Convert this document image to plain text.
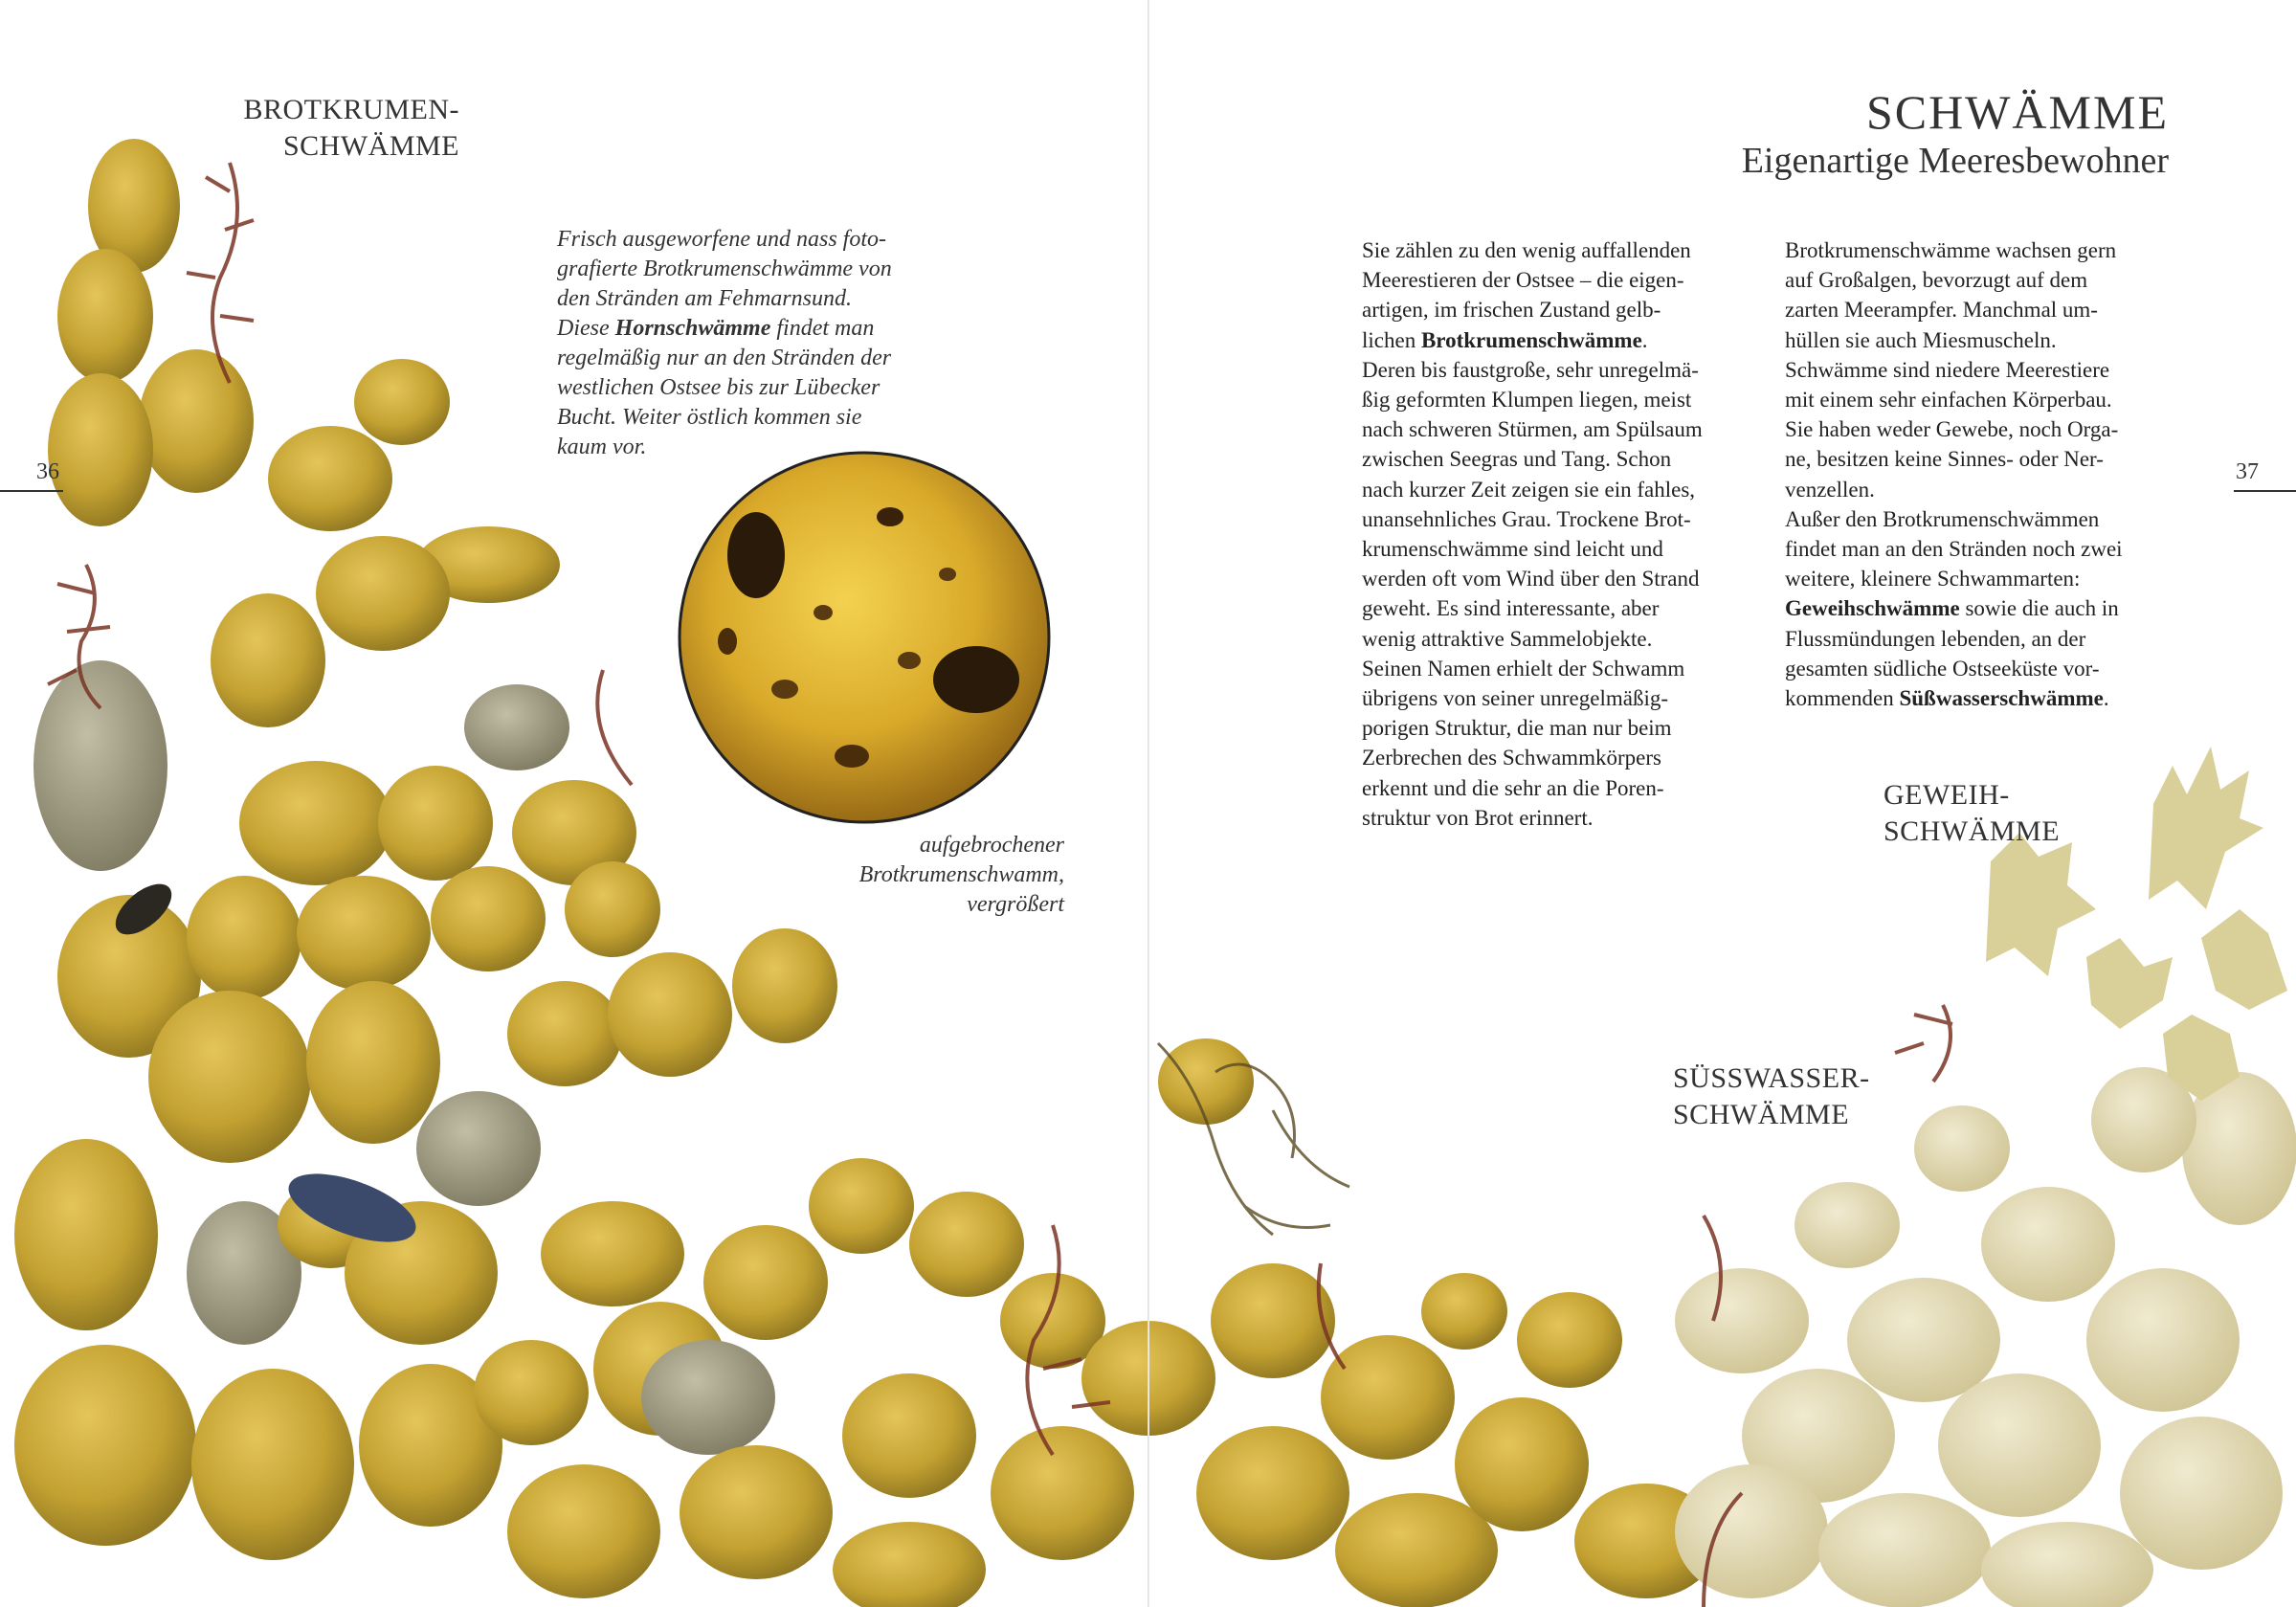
36	37
BROTKRUMEN-
SCHWÄMME
GEWEIH-
SCHWÄMME
SÜSSWASSER-
SCHWÄMME
SCHWÄMME
Eigenartige Meeresbewohner
Frisch ausgeworfene und nass foto-
grafierte Brotkrumenschwämme von
den Stränden am Fehmarnsund.
Diese Hornschwämme findet man
regelmäßig nur an den Stränden der
westlichen Ostsee bis zur Lübecker
Bucht. Weiter östlich kommen sie
kaum vor.
aufgebrochener
Brotkrumenschwamm,
vergrößert

Sie zählen zu den wenig auffallenden

Meerestieren der Ostsee – die eigen-

artigen, im frischen Zustand gelb-

lichen Brotkrumenschwämme.

Deren bis faustgroße, sehr unregelmä-

ßig geformten Klumpen liegen, meist

nach schweren Stürmen, am Spülsaum

zwischen Seegras und Tang. Schon

nach kurzer Zeit zeigen sie ein fahles,

unansehnliches Grau. Trockene Brot-

krumenschwämme sind leicht und

werden oft vom Wind über den Strand

geweht. Es sind interessante, aber

wenig attraktive Sammelobjekte.

Seinen Namen erhielt der Schwamm

übrigens von seiner unregelmäßig-

porigen Struktur, die man nur beim

Zerbrechen des Schwammkörpers

erkennt und die sehr an die Poren-

struktur von Brot erinnert.

Brotkrumenschwämme wachsen gern

auf Großalgen, bevorzugt auf dem

zarten Meerampfer. Manchmal um-

hüllen sie auch Miesmuscheln.

Schwämme sind niedere Meerestiere

mit einem sehr einfachen Körperbau.

Sie haben weder Gewebe, noch Orga-

ne, besitzen keine Sinnes- oder Ner-

venzellen.

Außer den Brotkrumenschwämmen

findet man an den Stränden noch zwei

weitere, kleinere Schwammarten:

Geweihschwämme sowie die auch in

Flussmündungen lebenden, an der

gesamten südliche Ostseeküste vor-

kommenden Süßwasserschwämme.
